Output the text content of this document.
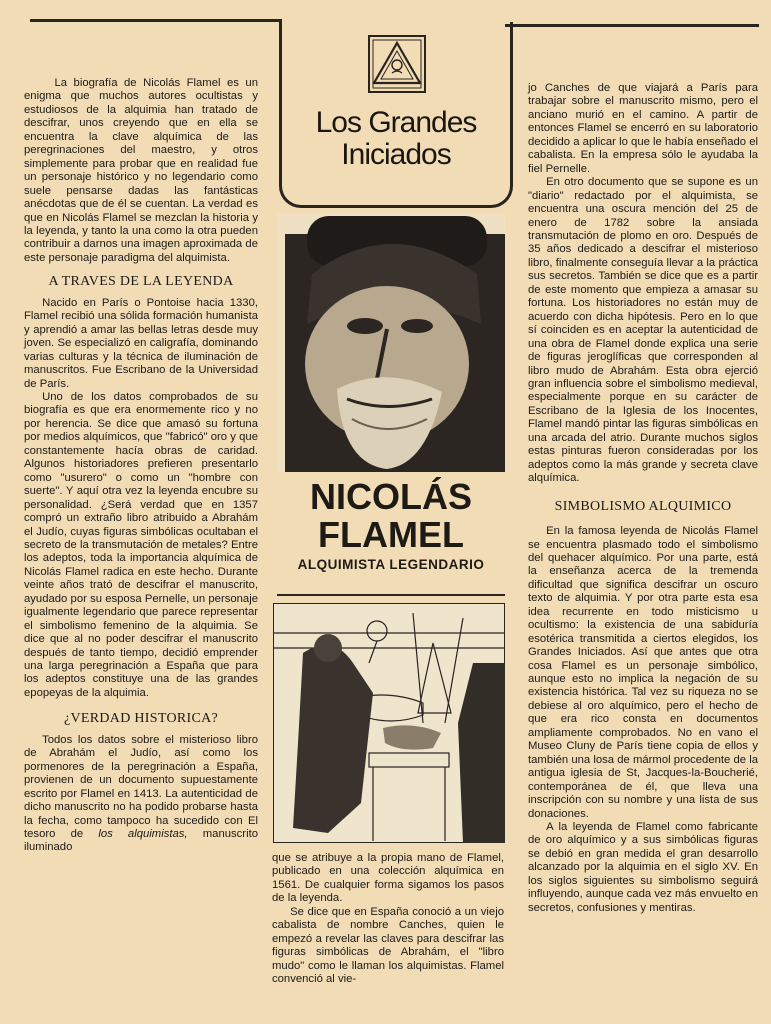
Los Grandes
Iniciados

La biografía de Nicolás Flamel es un enigma que muchos autores ocultistas y estudiosos de la alquimia han tratado de descifrar, unos creyendo que en ella se encuentra la clave alquímica de las peregrinaciones del maestro, y otros simplemente para probar que en realidad fue un personaje histórico y no legendario como suele pensarse dadas las fantásticas anécdotas que de él se cuentan. La verdad es que en Nicolás Flamel se mezclan la historia y la leyenda, y tanto la una como la otra pueden contribuir a darnos una imagen aproximada de este personaje paradigma del alquimista.

A TRAVES DE LA LEYENDA

Nacido en París o Pontoise hacia 1330, Flamel recibió una sólida formación humanista y aprendió a amar las bellas letras desde muy joven. Se especializó en caligrafía, dominando varias culturas y la técnica de iluminación de manuscritos. Fue Escribano de la Universidad de París.

Uno de los datos comprobados de su biografía es que era enormemente rico y no por herencia. Se dice que amasó su fortuna por medios alquímicos, que "fabricó" oro y que constantemente hacía obras de caridad. Algunos historiadores prefieren presentarlo como "usurero" o como un "hombre con suerte". Y aquí otra vez la leyenda encubre su personalidad. ¿Será verdad que en 1357 compró un extraño libro atribuido a Abrahám el Judío, cuyas figuras simbólicas ocultaban el secreto de la transmutación de metales? Entre los adeptos, toda la importancia alquímica de Nicolás Flamel radica en este hecho. Durante veinte años trató de descifrar el manuscrito, ayudado por su esposa Pernelle, un personaje igualmente legendario que parece representar el simbolismo femenino de la alquimia. Se dice que al no poder descifrar el manuscrito después de tanto tiempo, decidió emprender una larga peregrinación a España que para los adeptos constituye una de las grandes epopeyas de la alquimia.

¿VERDAD HISTORICA?

Todos los datos sobre el misterioso libro de Abrahám el Judío, así como los pormenores de la peregrinación a España, provienen de un documento supuestamente escrito por Flamel en 1413. La autenticidad de dicho manuscrito no ha podido probarse hasta la fecha, como tampoco ha sucedido con El tesoro de los alquimistas, manuscrito iluminado

NICOLÁS
FLAMEL
ALQUIMISTA LEGENDARIO

que se atribuye a la propia mano de Flamel, publicado en una colección alquímica en 1561. De cualquier forma sigamos los pasos de la leyenda.

Se dice que en España conoció a un viejo cabalista de nombre Canches, quien le empezó a revelar las claves para descifrar las figuras simbólicas de Abrahám, el "libro mudo" como le llaman los alquimistas. Flamel convenció al vie-

jo Canches de que viajará a París para trabajar sobre el manuscrito mismo, pero el anciano murió en el camino. A partir de entonces Flamel se encerró en su laboratorio decidido a aplicar lo que le había enseñado el cabalista. En la empresa sólo le ayudaba la fiel Pernelle.

En otro documento que se supone es un "diario" redactado por el alquimista, se encuentra una oscura mención del 25 de enero de 1782 sobre la ansiada transmutación de plomo en oro. Después de 35 años dedicado a descifrar el misterioso libro, finalmente conseguía llevar a la práctica sus secretos. También se dice que es a partir de este momento que empieza a amasar su fortuna. Los historiadores no están muy de acuerdo con dicha hipótesis. Pero en lo que sí coinciden es en aceptar la autenticidad de una obra de Flamel donde explica una serie de figuras jeroglíficas que corresponden al libro mudo de Abrahám. Esta obra ejerció gran influencia sobre el simbolismo medieval, especialmente porque en su carácter de Escribano de la Iglesia de los Inocentes, Flamel mandó pintar las figuras simbólicas en una arcada del atrio. Durante muchos siglos estas pinturas fueron consideradas por los adeptos como la más grande y secreta clave alquímica.

SIMBOLISMO ALQUIMICO

En la famosa leyenda de Nicolás Flamel se encuentra plasmado todo el simbolismo del quehacer alquímico. Por una parte, está la enseñanza acerca de la tremenda dificultad que significa descifrar un oscuro texto de alquimia. Y por otra parte esta esa idea recurrente en todo misticismo u ocultismo: la existencia de una sabiduría esotérica transmitida a ciertos elegidos, los Grandes Iniciados. Así que antes que otra cosa Flamel es un personaje simbólico, aunque esto no implica la negación de su existencia histórica. Tal vez su riqueza no se debiese al oro alquímico, pero el hecho de que era rico consta en documentos ampliamente comprobados. No en vano el Museo Cluny de París tiene copia de ellos y también una losa de mármol procedente de la antigua iglesia de St, Jacques-la-Boucherié, contemporánea de él, que lleva una inscripción con su nombre y una lista de sus donaciones.

A la leyenda de Flamel como fabricante de oro alquímico y a sus simbólicas figuras se debió en gran medida el gran desarrollo alcanzado por la alquimia en el siglo XV. En los siglos siguientes su simbolismo seguirá influyendo, aunque cada vez más envuelto en secretos, confusiones y mentiras.
